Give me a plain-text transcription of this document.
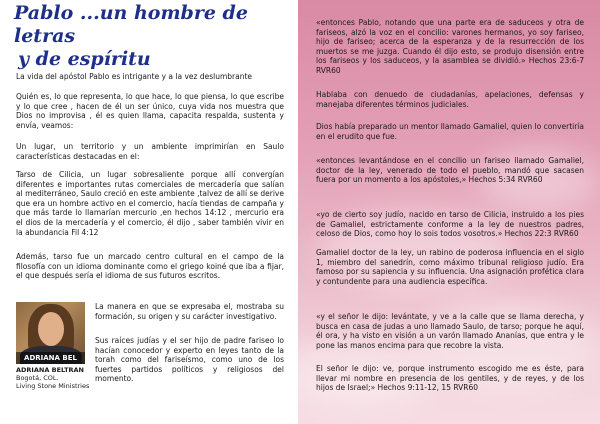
Pablo ...un hombre de letras
y de espíritu

La vida del apóstol Pablo es intrigante y a la vez deslumbrante

Quién es, lo que representa, lo que hace, lo que piensa, lo que escribe y lo que cree , hacen de él un ser único, cuya vida nos muestra que Dios no improvisa , él es quien llama, capacita respalda, sustenta y envía, veamos:

Un lugar, un territorio y un ambiente imprimirían en Saulo características destacadas en el:

Tarso de Cilicia, un lugar sobresaliente porque allí convergían diferentes e importantes rutas comerciales de mercadería que salían al mediterráneo, Saulo creció en este ambiente ,talvez de allí se derive que era un hombre activo en el comercio, hacía tiendas de campaña y que más tarde lo llamarían mercurio ,en hechos 14:12 , mercurio era el dios de la mercadería y el comercio, él dijo , saber también vivir en la abundancia Fil 4:12

Además, tarso fue un marcado centro cultural en el campo de la filosofía con un idioma dominante como el griego koiné que iba a fijar, el que después sería el idioma de sus futuros escritos.

ADRIANA BEL

La manera en que se expresaba el, mostraba su formación, su origen y su carácter investigativo.

Sus raíces judías y el ser hijo de padre fariseo lo hacían conocedor y experto en leyes tanto de la torah como del fariseísmo, como uno de los fuertes partidos políticos y religiosos del momento.

ADRIANA BELTRAN
Bogotá, COL.
Living Stone Ministries

«entonces Pablo, notando que una parte era de saduceos y otra de fariseos, alzó la voz en el concilio: varones hermanos, yo soy fariseo, hijo de fariseo; acerca de la esperanza y de la resurrección de los muertos se me juzga. Cuando él dijo esto, se produjo disensión entre los fariseos y los saduceos, y la asamblea se dividió.» Hechos 23:6-7 RVR60

Hablaba con denuedo de ciudadanías, apelaciones, defensas y manejaba diferentes términos judiciales.

Dios había preparado un mentor llamado Gamaliel, quien lo convertiría en el erudito que fue.

«entonces levantándose en el concilio un fariseo llamado Gamaliel, doctor de la ley, venerado de todo el pueblo, mandó que sacasen fuera por un momento a los apóstoles,» Hechos 5:34 RVR60

«yo de cierto soy judío, nacido en tarso de Cilicia, instruido a los pies de Gamaliel, estrictamente conforme a la ley de nuestros padres, celoso de Dios, como hoy lo sois todos vosotros.» Hechos 22:3 RVR60

Gamaliel doctor de la ley, un rabino de poderosa influencia en el siglo 1, miembro del sanedrín, como máximo tribunal religioso judío. Era famoso por su sapiencia y su influencia. Una asignación profética clara y contundente para una audiencia específica.

«y el señor le dijo: levántate, y ve a la calle que se llama derecha, y busca en casa de judas a uno llamado Saulo, de tarso; porque he aquí, él ora, y ha visto en visión a un varón llamado Ananías, que entra y le pone las manos encima para que recobre la vista.

El señor le dijo: ve, porque instrumento escogido me es éste, para llevar mi nombre en presencia de los gentiles, y de reyes, y de los hijos de Israel;» Hechos 9:11-12, 15 RVR60
